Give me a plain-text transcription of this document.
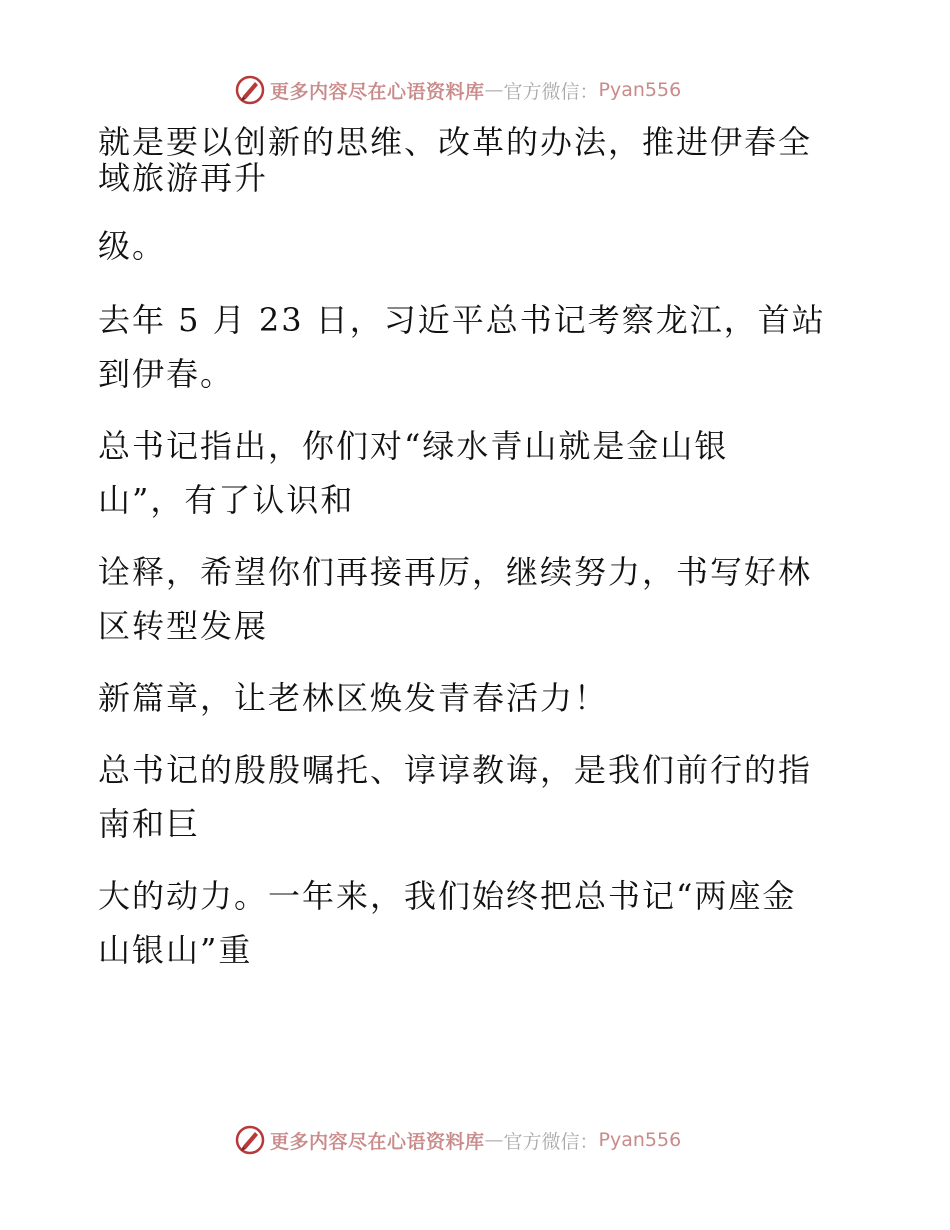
更多内容尽在心语资料库 — 官方微信： Pyan556
就是要以创新的思维、改革的办法，推进伊春全
域旅游再升
级。
去年 5 月 23 日，习近平总书记考察龙江，首站
到伊春。
总书记指出，你们对“绿水青山就是金山银
山”，有了认识和
诠释，希望你们再接再厉，继续努力，书写好林
区转型发展
新篇章，让老林区焕发青春活力！
总书记的殷殷嘱托、谆谆教诲，是我们前行的指
南和巨
大的动力。一年来，我们始终把总书记“两座金
山银山”重
更多内容尽在心语资料库 — 官方微信： Pyan556
